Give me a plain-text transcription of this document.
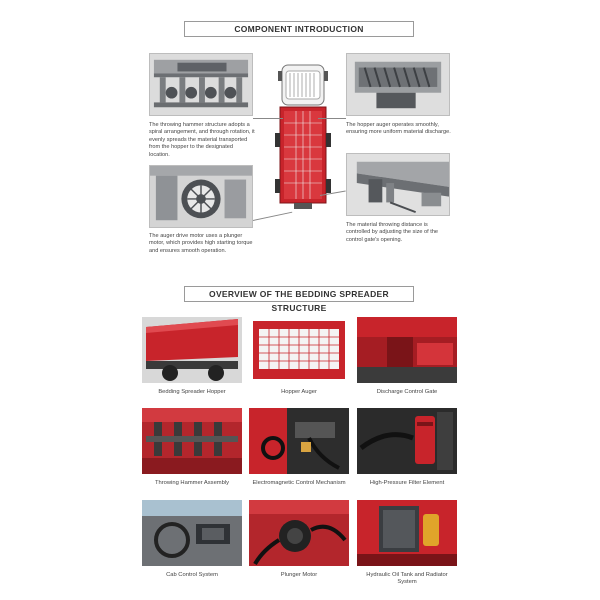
COMPONENT INTRODUCTION
The throwing hammer structure adopts a spiral arrangement, and through rotation, it evenly spreads the material transported from the hopper to the designated location.
The auger drive motor uses a plunger motor, which provides high starting torque and ensures smooth operation.
The hopper auger operates smoothly, ensuring more uniform material discharge.
The material throwing distance is controlled by adjusting the size of the control gate's opening.
OVERVIEW OF THE BEDDING SPREADER STRUCTURE
Bedding Spreader Hopper	Hopper Auger	Discharge Control Gate
Throwing Hammer Assembly	Electromagnetic Control Mechanism	High-Pressure Filter Element
Cab Control System	Plunger Motor	Hydraulic Oil Tank and Radiator System
